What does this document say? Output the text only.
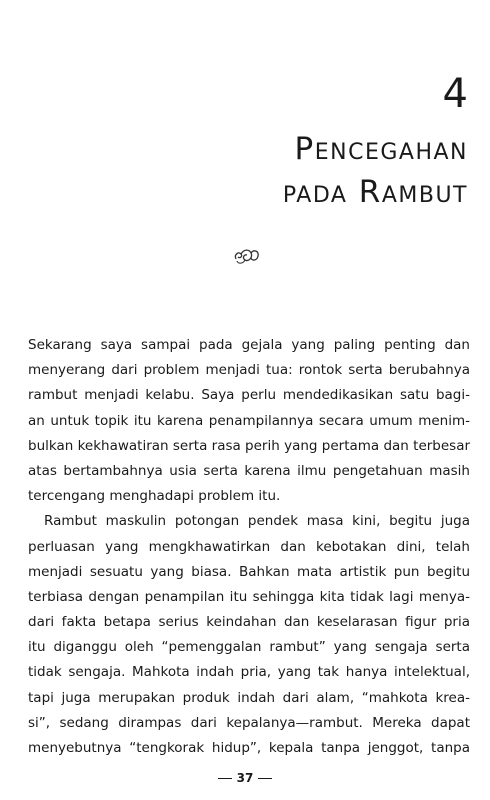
4
Pencegahan
pada Rambut
Sekarang saya sampai pada gejala yang paling penting dan
menyerang dari problem menjadi tua: rontok serta berubahnya
rambut menjadi kelabu. Saya perlu mendedikasikan satu bagi-
an untuk topik itu karena penampilannya secara umum menim-
bulkan kekhawatiran serta rasa perih yang pertama dan terbesar
atas bertambahnya usia serta karena ilmu pengetahuan masih
tercengang menghadapi problem itu.
Rambut maskulin potongan pendek masa kini, begitu juga
perluasan yang mengkhawatirkan dan kebotakan dini, telah
menjadi sesuatu yang biasa. Bahkan mata artistik pun begitu
terbiasa dengan penampilan itu sehingga kita tidak lagi menya-
dari fakta betapa serius keindahan dan keselarasan figur pria
itu diganggu oleh “pemenggalan rambut” yang sengaja serta
tidak sengaja. Mahkota indah pria, yang tak hanya intelektual,
tapi juga merupakan produk indah dari alam, “mahkota krea-
si”, sedang dirampas dari kepalanya—rambut. Mereka dapat
menyebutnya “tengkorak hidup”, kepala tanpa jenggot, tanpa
37
